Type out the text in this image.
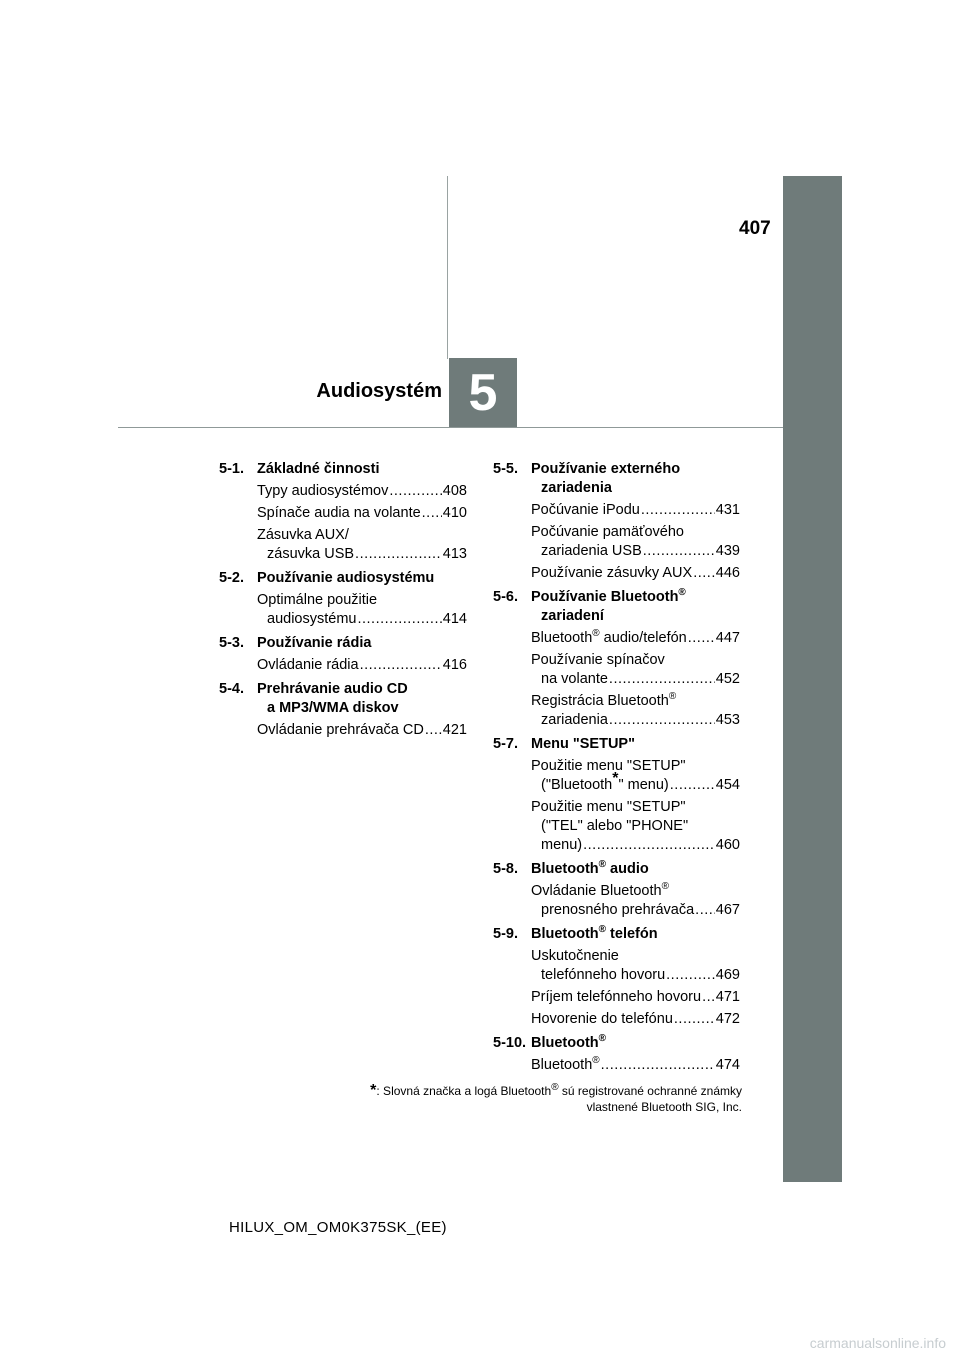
407
Audiosystém 5
5-1. Základné činnosti
Typy audiosystémov .....	408
Spínače audia na volante ..... 410
Zásuvka AUX/
zásuvka USB .....	413
5-2. Používanie audiosystému
Optimálne použitie
audiosystému .....	414
5-3. Používanie rádia
Ovládanie rádia .....	416
5-4. Prehrávanie audio CD
a MP3/WMA diskov
Ovládanie prehrávača CD ..... 421
5-5. Používanie externého
zariadenia
Počúvanie iPodu .....	431
Počúvanie pamäťového
zariadenia USB .....	439
Používanie zásuvky AUX ..... 446
5-6. Používanie Bluetooth®
zariadení
Bluetooth® audio/telefón ..... 447
Používanie spínačov
na volante .....	452
Registrácia Bluetooth®
zariadenia .....	453
5-7. Menu "SETUP"
Použitie menu "SETUP"
("Bluetooth*" menu) .....	454
Použitie menu "SETUP"
("TEL" alebo "PHONE"
menu) .....	460
5-8. Bluetooth® audio
Ovládanie Bluetooth®
prenosného prehrávača ..... 467
5-9. Bluetooth® telefón
Uskutočnenie
telefónneho hovoru .....	469
Príjem telefónneho hovoru ..... 471
Hovorenie do telefónu .....	472
5-10. Bluetooth®
Bluetooth® .....	474
*: Slovná značka a logá Bluetooth® sú registrované ochranné známky
vlastnené Bluetooth SIG, Inc.
HILUX_OM_OM0K375SK_(EE)
carmanualsonline.info
